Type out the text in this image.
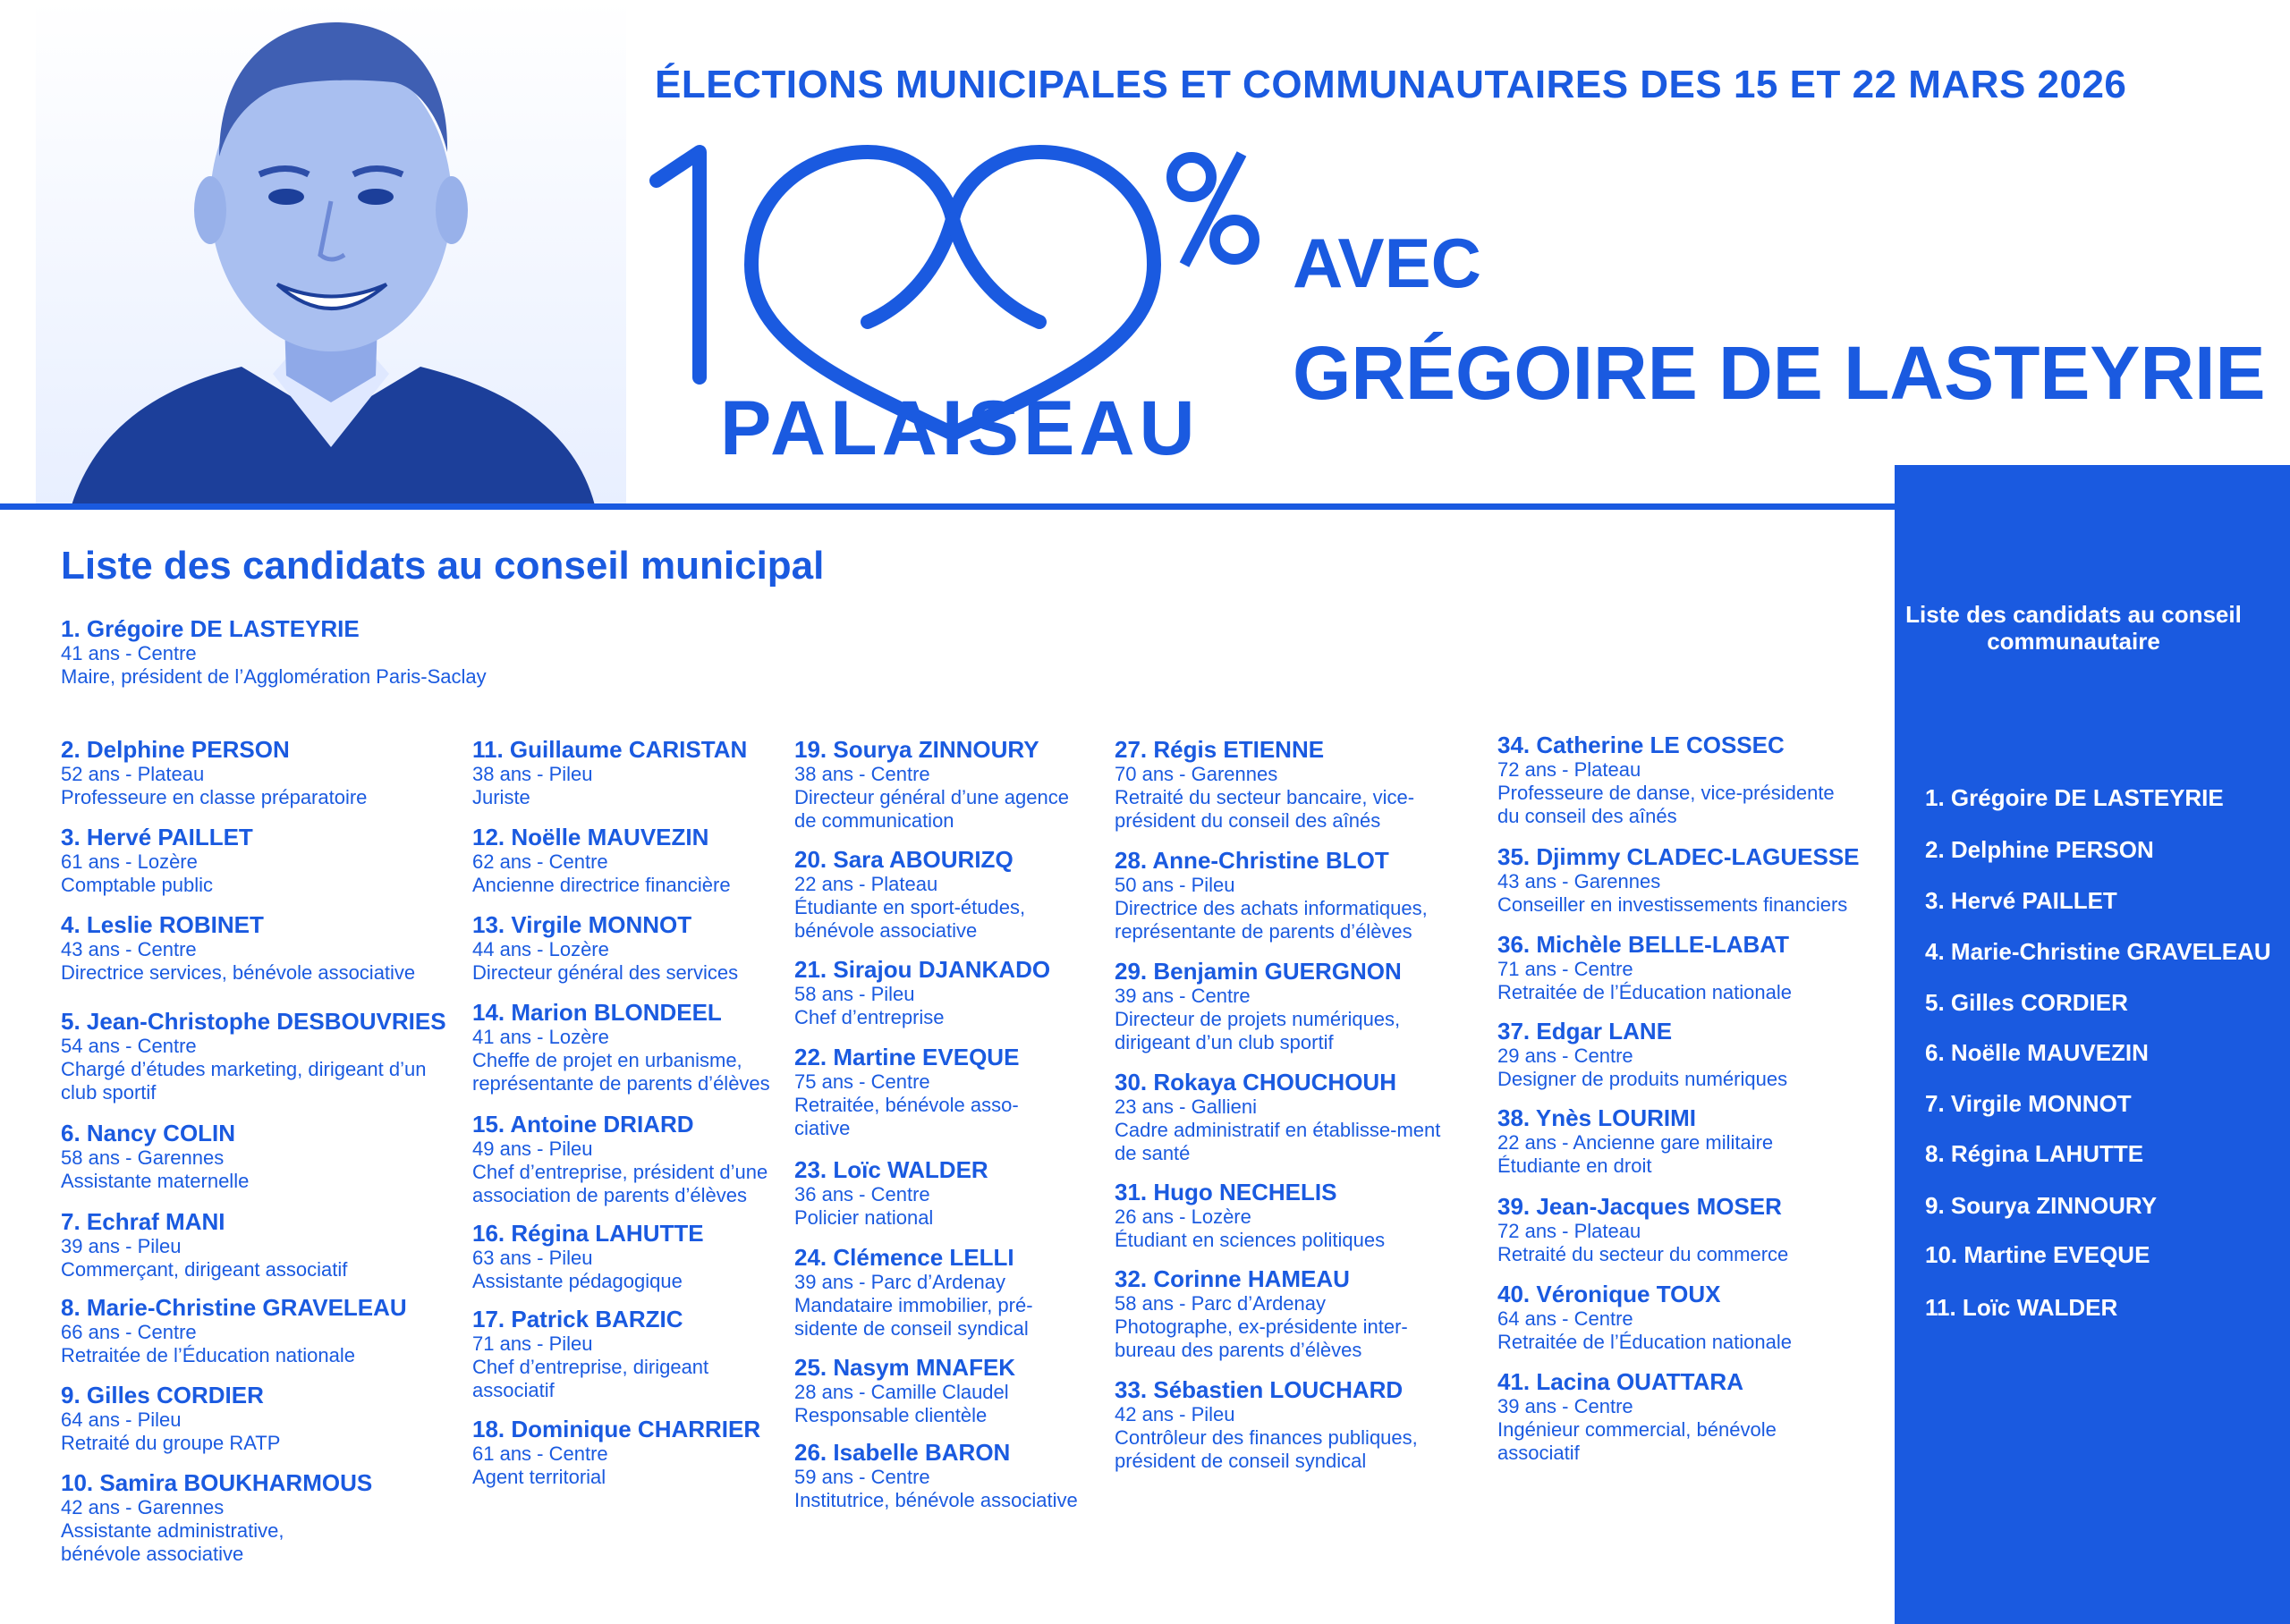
ÉLECTIONS MUNICIPALES ET COMMUNAUTAIRES DES 15 ET 22 MARS 2026
PALAISEAU
AVEC
GRÉGOIRE DE LASTEYRIE
Liste des candidats au conseil municipal
1. Grégoire DE LASTEYRIE
41 ans - Centre
Maire, président de l’Agglomération Paris-Saclay
2. Delphine PERSON
52 ans - Plateau
Professeure en classe préparatoire
3. Hervé PAILLET
61 ans - Lozère
Comptable public
4. Leslie ROBINET
43 ans - Centre
Directrice services, bénévole associative
5. Jean-Christophe DESBOUVRIES
54 ans - Centre
Chargé d’études marketing, dirigeant d’un club sportif
6. Nancy COLIN
58 ans - Garennes
Assistante maternelle
7. Echraf MANI
39 ans - Pileu
Commerçant, dirigeant associatif
8. Marie-Christine GRAVELEAU
66 ans - Centre
Retraitée de l’Éducation nationale
9. Gilles CORDIER
64 ans - Pileu
Retraité du groupe RATP
10. Samira BOUKHARMOUS
42 ans - Garennes
Assistante administrative, bénévole associative
11. Guillaume CARISTAN
38 ans - Pileu
Juriste
12. Noëlle MAUVEZIN
62 ans - Centre
Ancienne directrice financière
13. Virgile MONNOT
44 ans - Lozère
Directeur général des services
14. Marion BLONDEEL
41 ans - Lozère
Cheffe de projet en urbanisme, représentante de parents d’élèves
15. Antoine DRIARD
49 ans - Pileu
Chef d’entreprise, président d’une association de parents d’élèves
16. Régina LAHUTTE
63 ans - Pileu
Assistante pédagogique
17. Patrick BARZIC
71 ans - Pileu
Chef d’entreprise, dirigeant associatif
18. Dominique CHARRIER
61 ans - Centre
Agent territorial
19. Sourya ZINNOURY
38 ans - Centre
Directeur général d’une agence de communication
20. Sara ABOURIZQ
22 ans - Plateau
Étudiante en sport-études, bénévole associative
21. Sirajou DJANKADO
58 ans - Pileu
Chef d’entreprise
22. Martine EVEQUE
75 ans - Centre
Retraitée, bénévole asso-ciative
23. Loïc WALDER
36 ans - Centre
Policier national
24. Clémence LELLI
39 ans - Parc d’Ardenay
Mandataire immobilier, pré-sidente de conseil syndical
25. Nasym MNAFEK
28 ans - Camille Claudel
Responsable clientèle
26. Isabelle BARON
59 ans - Centre
Institutrice, bénévole associative
27. Régis ETIENNE
70 ans - Garennes
Retraité du secteur bancaire, vice-président du conseil des aînés
28. Anne-Christine BLOT
50 ans - Pileu
Directrice des achats informatiques, représentante de parents d’élèves
29. Benjamin GUERGNON
39 ans - Centre
Directeur de projets numériques, dirigeant d’un club sportif
30. Rokaya CHOUCHOUH
23 ans - Gallieni
Cadre administratif en établisse-ment de santé
31. Hugo NECHELIS
26 ans - Lozère
Étudiant en sciences politiques
32. Corinne HAMEAU
58 ans - Parc d’Ardenay
Photographe, ex-présidente inter-bureau des parents d’élèves
33. Sébastien LOUCHARD
42 ans - Pileu
Contrôleur des finances publiques, président de conseil syndical
34. Catherine LE COSSEC
72 ans - Plateau
Professeure de danse, vice-présidente du conseil des aînés
35. Djimmy CLADEC-LAGUESSE
43 ans - Garennes
Conseiller en investissements financiers
36. Michèle BELLE-LABAT
71 ans - Centre
Retraitée de l’Éducation nationale
37. Edgar LANE
29 ans - Centre
Designer de produits numériques
38. Ynès LOURIMI
22 ans - Ancienne gare militaire
Étudiante en droit
39. Jean-Jacques MOSER
72 ans - Plateau
Retraité du secteur du commerce
40. Véronique TOUX
64 ans - Centre
Retraitée de l’Éducation nationale
41. Lacina OUATTARA
39 ans - Centre
Ingénieur commercial, bénévole associatif
Liste des candidats au conseil communautaire
1. Grégoire DE LASTEYRIE
2. Delphine PERSON
3. Hervé PAILLET
4. Marie-Christine GRAVELEAU
5. Gilles CORDIER
6. Noëlle MAUVEZIN
7. Virgile MONNOT
8. Régina LAHUTTE
9. Sourya ZINNOURY
10. Martine EVEQUE
11. Loïc WALDER
